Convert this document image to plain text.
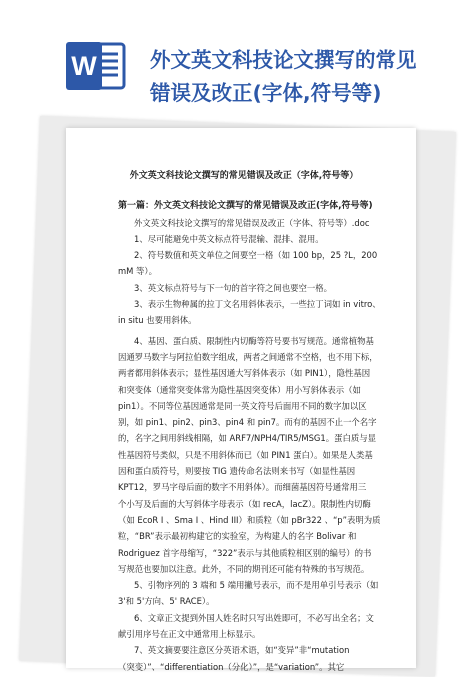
W	外文英文科技论文撰写的常见
错误及改正(字体,符号等)
外文英文科技论文撰写的常见错误及改正（字体,符号等）
第一篇：外文英文科技论文撰写的常见错误及改正(字体,符号等)
外文英文科技论文撰写的常见错误及改正（字体、符号等）.doc
1、尽可能避免中英文标点符号混输、混排、混用。
2、符号数值和英文单位之间要空一格（如 100 bp，25 ?L，200
mM 等）。
3、英文标点符号与下一句的首字符之间也要空一格。
3、表示生物种属的拉丁文名用斜体表示，一些拉丁词如 in vitro、
in situ 也要用斜体。
4、基因、蛋白质、限制性内切酶等符号要书写规范。通常植物基
因通罗马数字与阿拉伯数字组成，两者之间通常不空格，也不用下标，
两者都用斜体表示；显性基因通大写斜体表示（如 PIN1），隐性基因
和突变体（通常突变体常为隐性基因突变体）用小写斜体表示（如
pin1）。不同等位基因通常是同一英文符号后面用不同的数字加以区
别，如 pin1、pin2、pin3、pin4 和 pin7。而有的基因不止一个名字
的，名字之间用斜线相隔，如 ARF7/NPH4/TIR5/MSG1。蛋白质与显
性基因符号类似，只是不用斜体而已（如 PIN1 蛋白）。如果是人类基
因和蛋白质符号，则要按 TIG 遗传命名法则来书写（如显性基因
KPT12，罗马字母后面的数字不用斜体）。而细菌基因符号通常用三
个小写及后面的大写斜体字母表示（如 recA，lacZ）。限制性内切酶
（如 EcoR I 、Sma I 、Hind III）和质粒（如 pBr322 、“p”表明为质
粒，“BR”表示最初构建它的实验室，为构建人的名字 Bolivar 和
Rodriguez 首字母缩写，“322”表示与其他质粒相区别的编号）的书
写规范也要加以注意。此外，不同的期刊还可能有特殊的书写规范。
5、引物序列的 3 端和 5 端用撇号表示，而不是用单引号表示（如
3'和 5'方向、5' RACE）。
6、文章正文提到外国人姓名时只写出姓即可，不必写出全名；文
献引用序号在正文中通常用上标显示。
7、英文摘要要注意区分英语术语，如“变异”非“mutation
（突变）”、“differentiation（分化）”，是“variation”。其它
